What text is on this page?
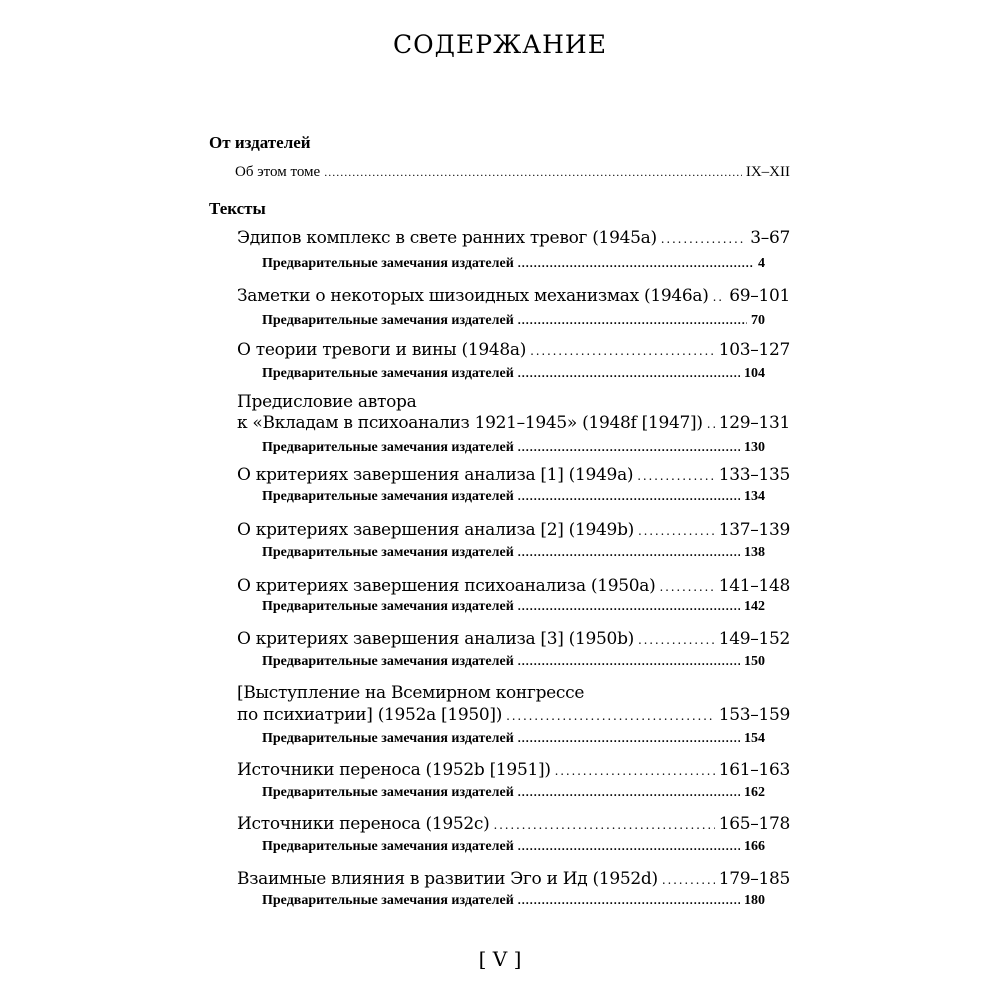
СОДЕРЖАНИЕ
От издателей
Об этом томе . . .	IX–XII
Тексты
Эдипов комплекс в свете ранних тревог (1945a) . . .	3–67
Предварительные замечания издателей . . .	4
Заметки о некоторых шизоидных механизмах (1946a) . . . 69–101
Предварительные замечания издателей . . .	70
О теории тревоги и вины (1948a) . . .	103–127
Предварительные замечания издателей . . .	104
Предисловие автора
к «Вкладам в психоанализ 1921–1945» (1948f [1947]) . . . 129–131
Предварительные замечания издателей . . .	130
О критериях завершения анализа [1] (1949a) . . .	133–135
Предварительные замечания издателей . . .	134
О критериях завершения анализа [2] (1949b) . . .	137–139
Предварительные замечания издателей . . .	138
О критериях завершения психоанализа (1950a) . . .	141–148
Предварительные замечания издателей . . .	142
О критериях завершения анализа [3] (1950b) . . .	149–152
Предварительные замечания издателей . . .	150
[Выступление на Всемирном конгрессе
по психиатрии] (1952a [1950]) . . .	153–159
Предварительные замечания издателей . . .	154
Источники переноса (1952b [1951]) . . .	161–163
Предварительные замечания издателей . . .	162
Источники переноса (1952c) . . .	165–178
Предварительные замечания издателей . . .	166
Взаимные влияния в развитии Эго и Ид (1952d) . . .	179–185
Предварительные замечания издателей . . .	180
[ V ]
